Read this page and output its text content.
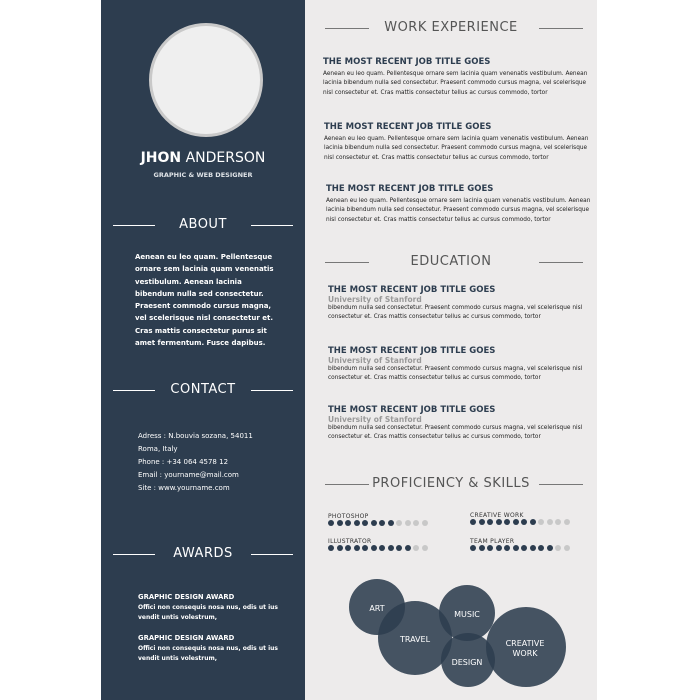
JHON ANDERSON
GRAPHIC & WEB DESIGNER
ABOUT
Aenean eu leo quam. Pellentesque ornare sem lacinia quam venenatis vestibulum. Aenean lacinia bibendum nulla sed consectetur. Praesent commodo cursus magna, vel scelerisque nisl consectetur et. Cras mattis consectetur purus sit amet fermentum. Fusce dapibus.
CONTACT
Adress : N.bouvia sozana, 54011
Roma, Italy
Phone : +34 064 4578 12
Email : yourname@mail.com
Site : www.yourname.com
AWARDS
GRAPHIC DESIGN AWARD
Offici non consequis nosa nus, odis ut ius vendit untis volestrum,
GRAPHIC DESIGN AWARD
Offici non consequis nosa nus, odis ut ius vendit untis volestrum,
WORK EXPERIENCE
THE MOST RECENT JOB TITLE GOES
Aenean eu leo quam. Pellentesque ornare sem lacinia quam venenatis vestibulum. Aenean lacinia bibendum nulla sed consectetur. Praesent commodo cursus magna, vel scelerisque nisl consectetur et. Cras mattis consectetur tellus ac cursus commodo, tortor
THE MOST RECENT JOB TITLE GOES
Aenean eu leo quam. Pellentesque ornare sem lacinia quam venenatis vestibulum. Aenean lacinia bibendum nulla sed consectetur. Praesent commodo cursus magna, vel scelerisque nisl consectetur et. Cras mattis consectetur tellus ac cursus commodo, tortor
THE MOST RECENT JOB TITLE GOES
Aenean eu leo quam. Pellentesque ornare sem lacinia quam venenatis vestibulum. Aenean lacinia bibendum nulla sed consectetur. Praesent commodo cursus magna, vel scelerisque nisl consectetur et. Cras mattis consectetur tellus ac cursus commodo, tortor
EDUCATION
THE MOST RECENT JOB TITLE GOES
University of Stanford
bibendum nulla sed consectetur. Praesent commodo cursus magna, vel scelerisque nisl consectetur et. Cras mattis consectetur tellus ac cursus commodo, tortor
THE MOST RECENT JOB TITLE GOES
University of Stanford
bibendum nulla sed consectetur. Praesent commodo cursus magna, vel scelerisque nisl consectetur et. Cras mattis consectetur tellus ac cursus commodo, tortor
THE MOST RECENT JOB TITLE GOES
University of Stanford
bibendum nulla sed consectetur. Praesent commodo cursus magna, vel scelerisque nisl consectetur et. Cras mattis consectetur tellus ac cursus commodo, tortor
PROFICIENCY & SKILLS
PHOTOSHOP	CREATIVE WORK
ILLUSTRATOR	TEAM PLAYER
ART
TRAVEL
MUSIC
DESIGN
CREATIVE
WORK
